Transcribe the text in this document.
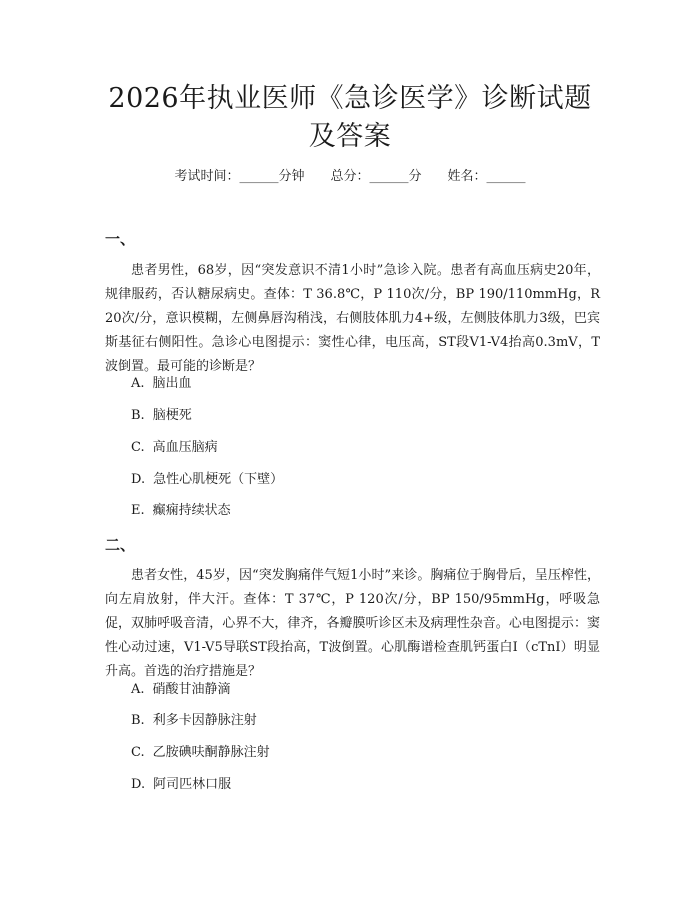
2026年执业医师《急诊医学》诊断试题及答案
考试时间：______分钟 总分：______分 姓名：______
一、
患者男性，68岁，因“突发意识不清1小时”急诊入院。患者有高血压病史20年，规律服药，否认糖尿病史。查体：T 36.8℃，P 110次/分，BP 190/110mmHg，R 20次/分，意识模糊，左侧鼻唇沟稍浅，右侧肢体肌力4+级，左侧肢体肌力3级，巴宾斯基征右侧阳性。急诊心电图提示：窦性心律，电压高，ST段V1-V4抬高0.3mV，T波倒置。最可能的诊断是？
A. 脑出血
B. 脑梗死
C. 高血压脑病
D. 急性心肌梗死（下壁）
E. 癫痫持续状态
二、
患者女性，45岁，因“突发胸痛伴气短1小时”来诊。胸痛位于胸骨后，呈压榨性，向左肩放射，伴大汗。查体：T 37℃，P 120次/分，BP 150/95mmHg，呼吸急促，双肺呼吸音清，心界不大，律齐，各瓣膜听诊区未及病理性杂音。心电图提示：窦性心动过速，V1-V5导联ST段抬高，T波倒置。心肌酶谱检查肌钙蛋白I（cTnI）明显升高。首选的治疗措施是？
A. 硝酸甘油静滴
B. 利多卡因静脉注射
C. 乙胺碘呋酮静脉注射
D. 阿司匹林口服
